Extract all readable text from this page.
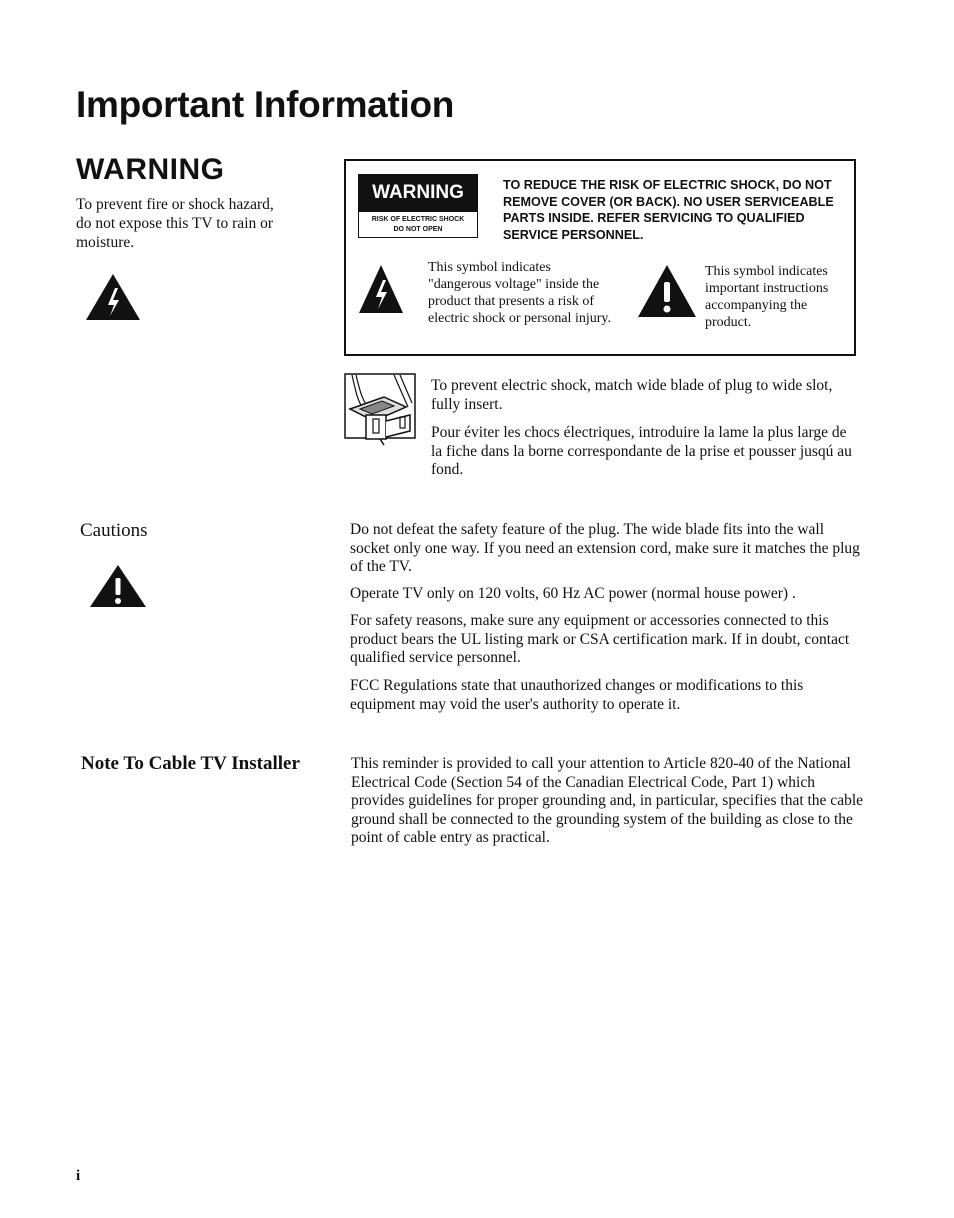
Important Information
WARNING
To prevent fire or shock hazard, do not expose this TV to rain or moisture.
WARNING
RISK OF ELECTRIC SHOCK
DO NOT OPEN
TO REDUCE THE RISK OF ELECTRIC SHOCK, DO NOT REMOVE COVER (OR BACK). NO USER SERVICEABLE PARTS INSIDE. REFER SERVICING TO QUALIFIED SERVICE PERSONNEL.
This symbol indicates "dangerous voltage" inside the product that presents a risk of electric shock or personal injury.
This symbol indicates important instructions accompanying the product.
To prevent electric shock, match wide blade of plug to wide slot, fully insert.
Pour éviter les chocs électriques, introduire la lame la plus large de la fiche dans la borne correspondante de la prise et pousser jusqú au fond.
Cautions	Do not defeat the safety feature of the plug. The wide blade fits into the wall socket only one way. If you need an extension cord, make sure it matches the plug of the TV.
Operate TV only on 120 volts, 60 Hz AC power (normal house power) .
For safety reasons, make sure any equipment or accessories connected to this product bears the UL listing mark or CSA certification mark. If in doubt, contact qualified service personnel.
FCC Regulations state that unauthorized changes or modifications to this equipment may void the user's authority to operate it.
Note To Cable TV Installer	This reminder is provided to call your attention to Article 820-40 of the National Electrical Code (Section 54 of the Canadian Electrical Code, Part 1) which provides guidelines for proper grounding and, in particular, specifies that the cable ground shall be connected to the grounding system of the building as close to the point of cable entry as practical.
i
